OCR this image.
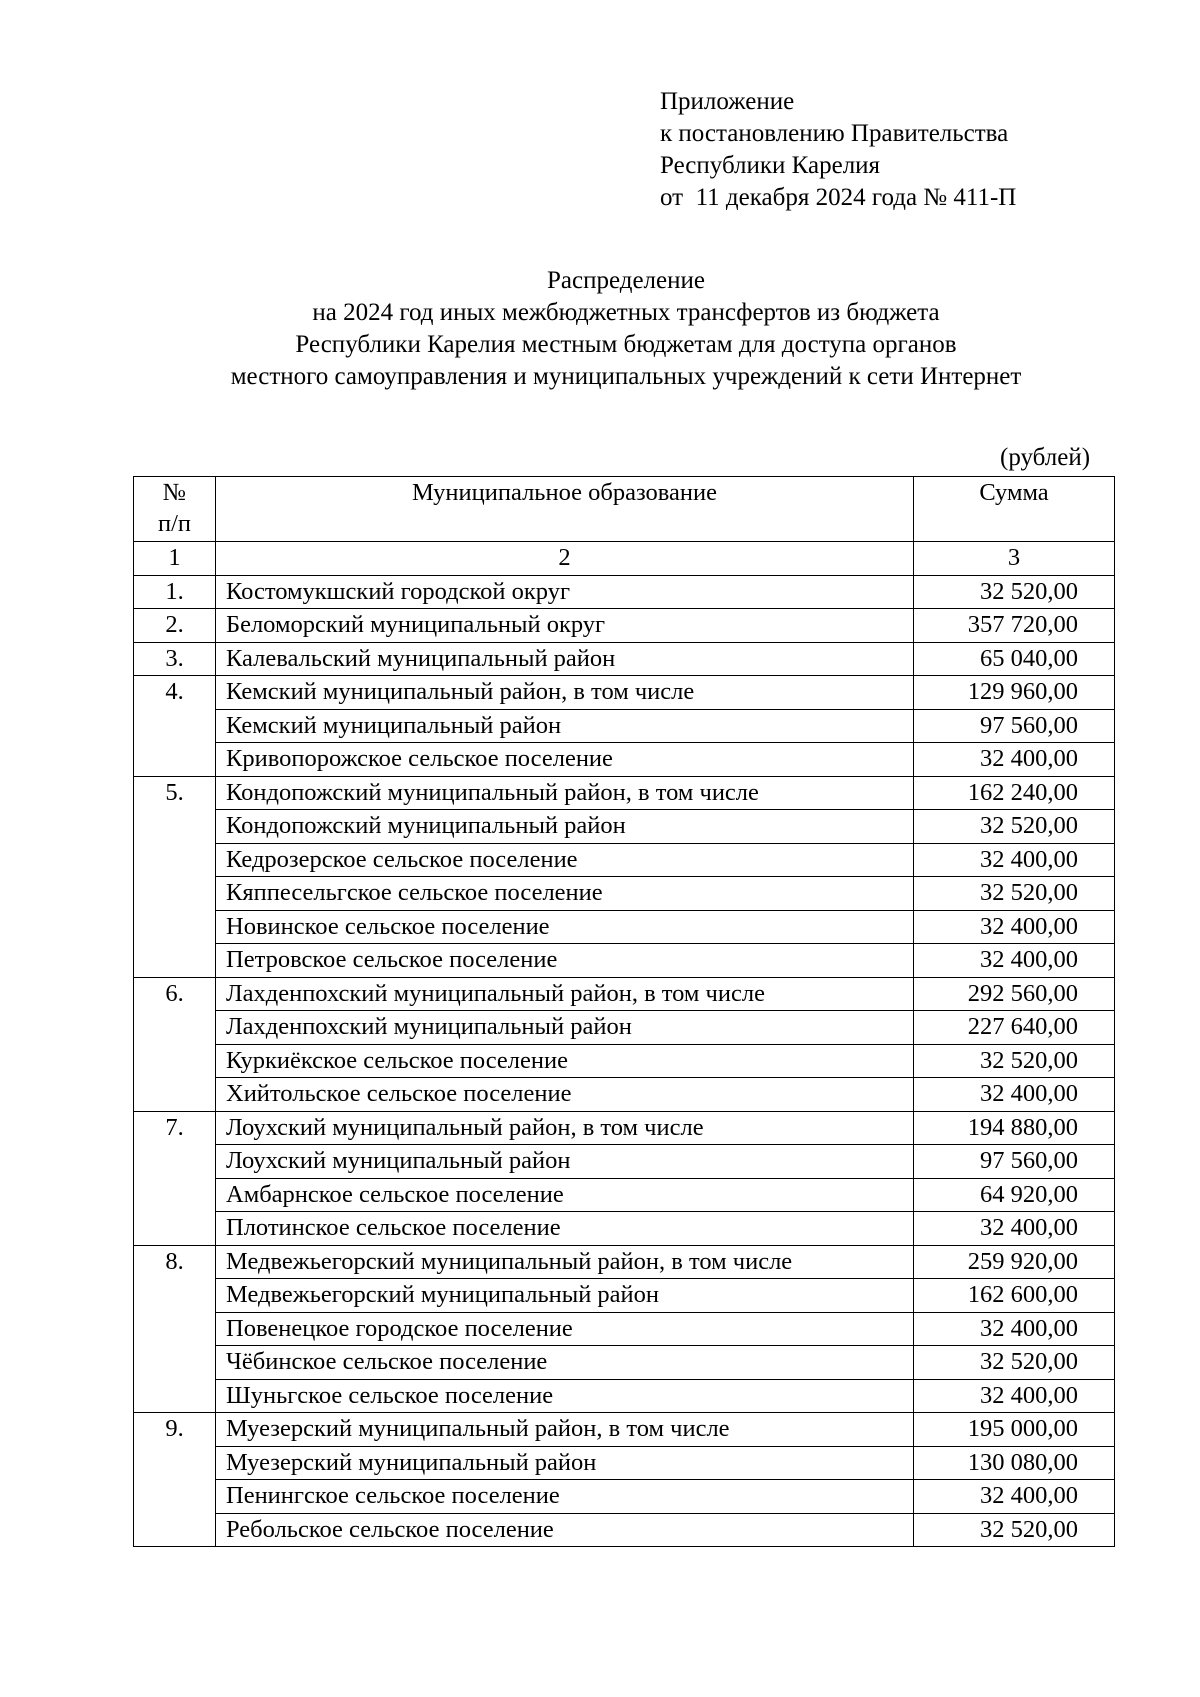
Приложение
к постановлению Правительства
Республики Карелия
от  11 декабря 2024 года № 411-П
Распределение
на 2024 год иных межбюджетных трансфертов из бюджета
Республики Карелия местным бюджетам для доступа органов
местного самоуправления и муниципальных учреждений к сети Интернет
(рублей)
№
п/п	Муниципальное образование	Сумма
1	2	3
1.	Костомукшский городской округ	32 520,00
2.	Беломорский муниципальный округ	357 720,00
3.	Калевальский муниципальный район	65 040,00
4.	Кемский муниципальный район, в том числе	129 960,00
	Кемский муниципальный район	97 560,00
	Кривопорожское сельское поселение	32 400,00
5.	Кондопожский муниципальный район, в том числе	162 240,00
	Кондопожский муниципальный район	32 520,00
	Кедрозерское сельское поселение	32 400,00
	Кяппесельгское сельское поселение	32 520,00
	Новинское сельское поселение	32 400,00
	Петровское сельское поселение	32 400,00
6.	Лахденпохский муниципальный район, в том числе	292 560,00
	Лахденпохский муниципальный район	227 640,00
	Куркиёкское сельское поселение	32 520,00
	Хийтольское сельское поселение	32 400,00
7.	Лоухский муниципальный район, в том числе	194 880,00
	Лоухский муниципальный район	97 560,00
	Амбарнское сельское поселение	64 920,00
	Плотинское сельское поселение	32 400,00
8.	Медвежьегорский муниципальный район, в том числе	259 920,00
	Медвежьегорский муниципальный район	162 600,00
	Повенецкое городское поселение	32 400,00
	Чёбинское сельское поселение	32 520,00
	Шуньгское сельское поселение	32 400,00
9.	Муезерский муниципальный район, в том числе	195 000,00
	Муезерский муниципальный район	130 080,00
	Пенингское сельское поселение	32 400,00
	Ребольское сельское поселение	32 520,00
